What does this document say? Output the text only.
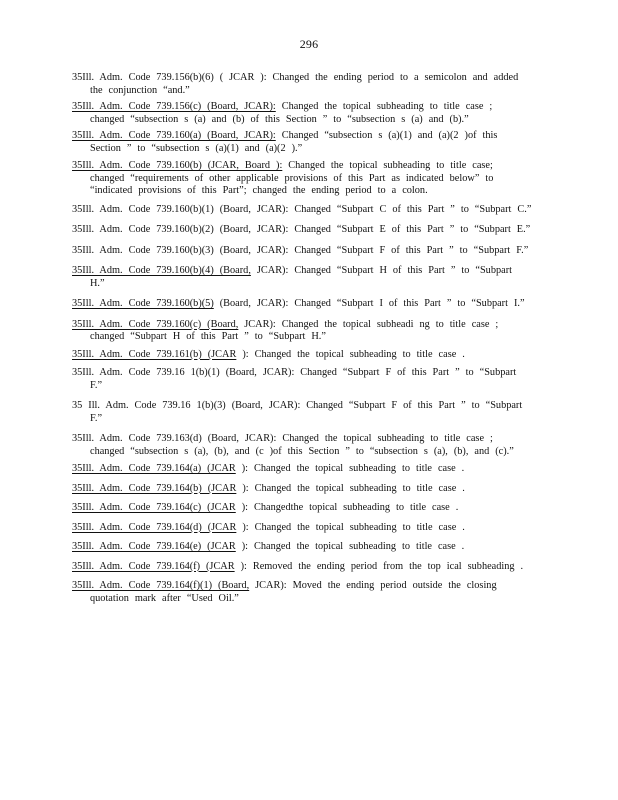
296

35Ill. Adm. Code 739.156(b)(6) ( JCAR ): Changed the ending period to a semicolon and added the conjunction “and.”

35Ill. Adm. Code 739.156(c) (Board, JCAR): Changed the topical subheading to title case ; changed “subsection s (a) and (b) of this Section ” to “subsection s (a) and (b).”

35Ill. Adm. Code 739.160(a) (Board, JCAR): Changed “subsection s (a)(1) and (a)(2 )of this Section ” to “subsection s (a)(1) and (a)(2 ).”

35Ill. Adm. Code 739.160(b) (JCAR, Board ): Changed the topical subheading to title case; changed “requirements of other applicable provisions of this Part as indicated below” to “indicated provisions of this Part”; changed the ending period to a colon.

35Ill. Adm. Code 739.160(b)(1) (Board, JCAR): Changed “Subpart C of this Part ” to “Subpart C.”

35Ill. Adm. Code 739.160(b)(2) (Board, JCAR): Changed “Subpart E of this Part ” to “Subpart E.”

35Ill. Adm. Code 739.160(b)(3) (Board, JCAR): Changed “Subpart F of this Part ” to “Subpart F.”

35Ill. Adm. Code 739.160(b)(4) (Board, JCAR): Changed “Subpart H of this Part ” to “Subpart H.”

35Ill. Adm. Code 739.160(b)(5) (Board, JCAR): Changed “Subpart I of this Part ” to “Subpart I.”

35Ill. Adm. Code 739.160(c) (Board, JCAR): Changed the topical subheadi ng to title case ; changed “Subpart H of this Part ” to “Subpart H.”

35Ill. Adm. Code 739.161(b) (JCAR ): Changed the topical subheading to title case .

35Ill. Adm. Code 739.16 1(b)(1) (Board, JCAR): Changed “Subpart F of this Part ” to “Subpart F.”

35 Ill. Adm. Code 739.16 1(b)(3) (Board, JCAR): Changed “Subpart F of this Part ” to “Subpart F.”

35Ill. Adm. Code 739.163(d) (Board, JCAR): Changed the topical subheading to title case ; changed “subsection s (a), (b), and (c )of this Section ” to “subsection s (a), (b), and (c).”

35Ill. Adm. Code 739.164(a) (JCAR ): Changed the topical subheading to title case .

35Ill. Adm. Code 739.164(b) (JCAR ): Changed the topical subheading to title case .

35Ill. Adm. Code 739.164(c) (JCAR ): Changedthe topical subheading to title case .

35Ill. Adm. Code 739.164(d) (JCAR ): Changed the topical subheading to title case .

35Ill. Adm. Code 739.164(e) (JCAR ): Changed the topical subheading to title case .

35Ill. Adm. Code 739.164(f) (JCAR ): Removed the ending period from the top ical subheading .

35Ill. Adm. Code 739.164(f)(1) (Board, JCAR): Moved the ending period outside the closing quotation mark after “Used Oil.”
